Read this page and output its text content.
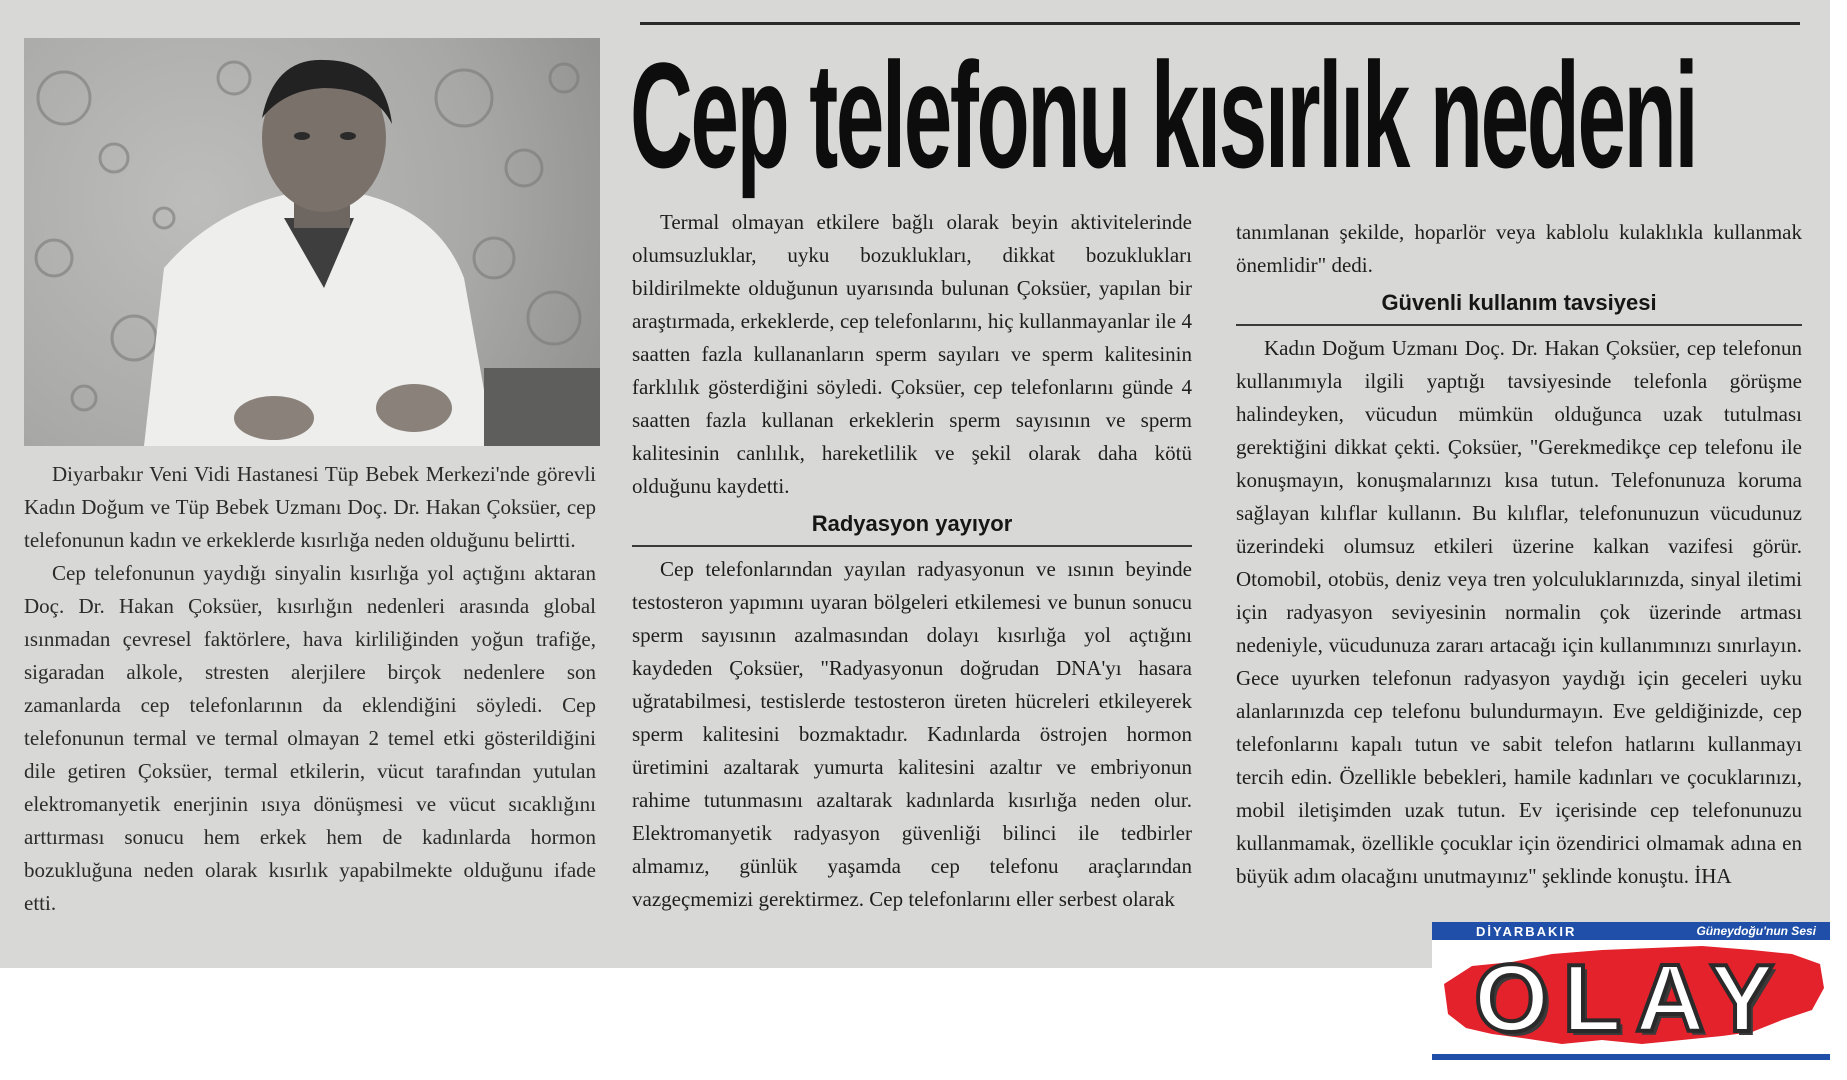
Cep telefonu kısırlık nedeni

Diyarbakır Veni Vidi Hastanesi Tüp Bebek Merkezi'nde görevli Kadın Doğum ve Tüp Bebek Uzmanı Doç. Dr. Hakan Çoksüer, cep telefonunun kadın ve erkeklerde kısırlığa neden olduğunu belirtti.

Cep telefonunun yaydığı sinyalin kısırlığa yol açtığını aktaran Doç. Dr. Hakan Çoksüer, kısırlığın nedenleri arasında global ısınmadan çevresel faktörlere, hava kirliliğinden yoğun trafiğe, sigaradan alkole, stresten alerjilere birçok nedenlere son zamanlarda cep telefonlarının da eklendiğini söyledi. Cep telefonunun termal ve termal olmayan 2 temel etki gösterildiğini dile getiren Çoksüer, termal etkilerin, vücut tarafından yutulan elektromanyetik enerjinin ısıya dönüşmesi ve vücut sıcaklığını arttırması sonucu hem erkek hem de kadınlarda hormon bozukluğuna neden olarak kısırlık yapabilmekte olduğunu ifade etti.

Termal olmayan etkilere bağlı olarak beyin aktivitelerinde olumsuzluklar, uyku bozuklukları, dikkat bozuklukları bildirilmekte olduğunun uyarısında bulunan Çoksüer, yapılan bir araştırmada, erkeklerde, cep telefonlarını, hiç kullanmayanlar ile 4 saatten fazla kullananların sperm sayıları ve sperm kalitesinin farklılık gösterdiğini söyledi. Çoksüer, cep telefonlarını günde 4 saatten fazla kullanan erkeklerin sperm sayısının ve sperm kalitesinin canlılık, hareketlilik ve şekil olarak daha kötü olduğunu kaydetti.

Radyasyon yayıyor

Cep telefonlarından yayılan radyasyonun ve ısının beyinde testosteron yapımını uyaran bölgeleri etkilemesi ve bunun sonucu sperm sayısının azalmasından dolayı kısırlığa yol açtığını kaydeden Çoksüer, "Radyasyonun doğrudan DNA'yı hasara uğratabilmesi, testislerde testosteron üreten hücreleri etkileyerek sperm kalitesini bozmaktadır. Kadınlarda östrojen hormon üretimini azaltarak yumurta kalitesini azaltır ve embriyonun rahime tutunmasını azaltarak kadınlarda kısırlığa neden olur. Elektromanyetik radyasyon güvenliği bilinci ile tedbirler almamız, günlük yaşamda cep telefonu araçlarından vazgeçmemizi gerektirmez. Cep telefonlarını eller serbest olarak

tanımlanan şekilde, hoparlör veya kablolu kulaklıkla kullanmak önemlidir" dedi.

Güvenli kullanım tavsiyesi

Kadın Doğum Uzmanı Doç. Dr. Hakan Çoksüer, cep telefonun kullanımıyla ilgili yaptığı tavsiyesinde telefonla görüşme halindeyken, vücudun mümkün olduğunca uzak tutulması gerektiğini dikkat çekti. Çoksüer, "Gerekmedikçe cep telefonu ile konuşmayın, konuşmalarınızı kısa tutun. Telefonunuza koruma sağlayan kılıflar kullanın. Bu kılıflar, telefonunuzun vücudunuz üzerindeki olumsuz etkileri üzerine kalkan vazifesi görür. Otomobil, otobüs, deniz veya tren yolculuklarınızda, sinyal iletimi için radyasyon seviyesinin normalin çok üzerinde artması nedeniyle, vücudunuza zararı artacağı için kullanımınızı sınırlayın. Gece uyurken telefonun radyasyon yaydığı için geceleri uyku alanlarınızda cep telefonu bulundurmayın. Eve geldiğinizde, cep telefonlarını kapalı tutun ve sabit telefon hatlarını kullanmayı tercih edin. Özellikle bebekleri, hamile kadınları ve çocuklarınızı, mobil iletişimden uzak tutun. Ev içerisinde cep telefonunuzu kullanmamak, özellikle çocuklar için özendirici olmamak adına en büyük adım olacağını unutmayınız" şeklinde konuştu. İHA

DİYARBAKIR	Güneydoğu'nun Sesi
OLAY
